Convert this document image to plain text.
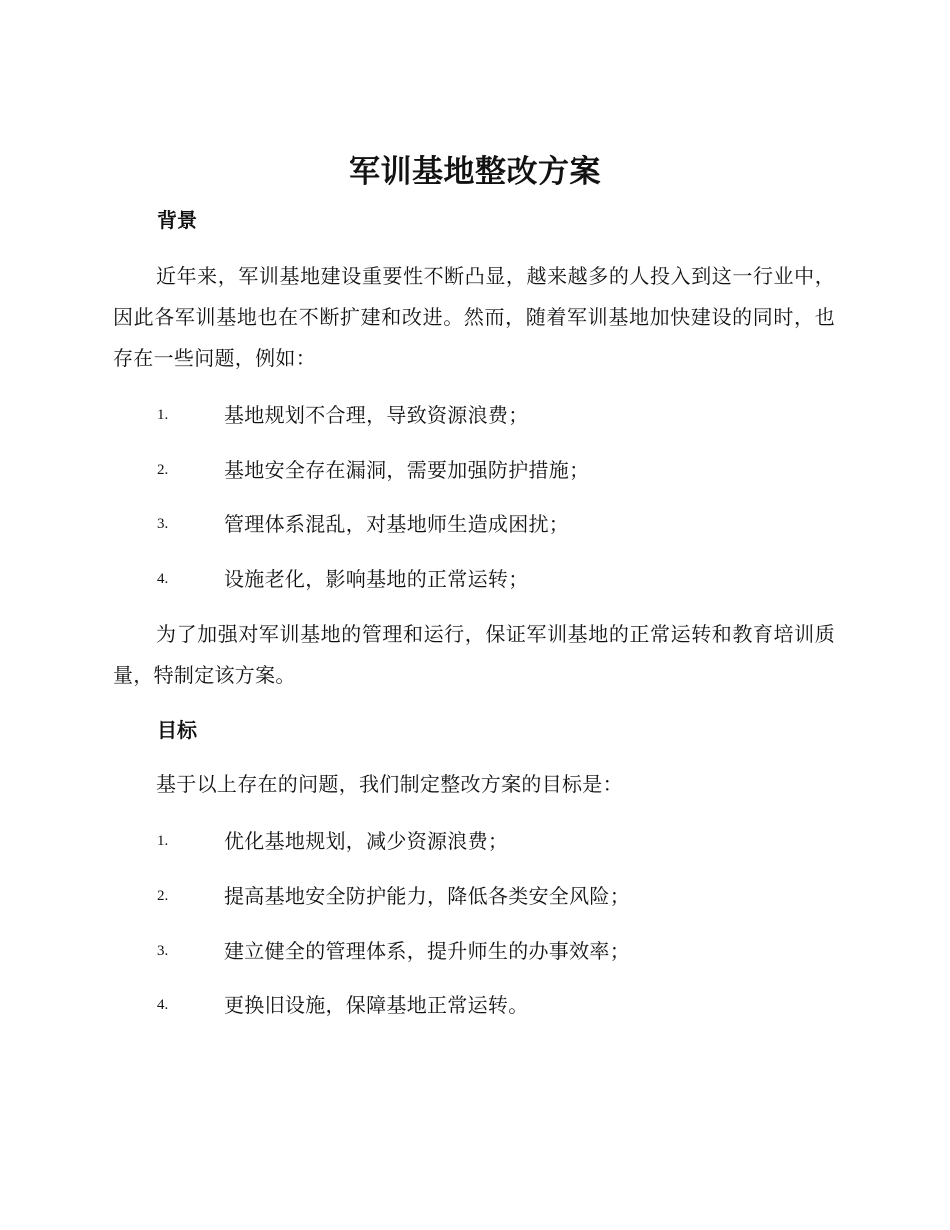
军训基地整改方案
背景

近年来，军训基地建设重要性不断凸显，越来越多的人投入到这一行业中，因此各军训基地也在不断扩建和改进。然而，随着军训基地加快建设的同时，也存在一些问题，例如：

1.	基地规划不合理，导致资源浪费；
2.	基地安全存在漏洞，需要加强防护措施；
3.	管理体系混乱，对基地师生造成困扰；
4.	设施老化，影响基地的正常运转；

为了加强对军训基地的管理和运行，保证军训基地的正常运转和教育培训质量，特制定该方案。

目标

基于以上存在的问题，我们制定整改方案的目标是：

1.	优化基地规划，减少资源浪费；
2.	提高基地安全防护能力，降低各类安全风险；
3.	建立健全的管理体系，提升师生的办事效率；
4.	更换旧设施，保障基地正常运转。
